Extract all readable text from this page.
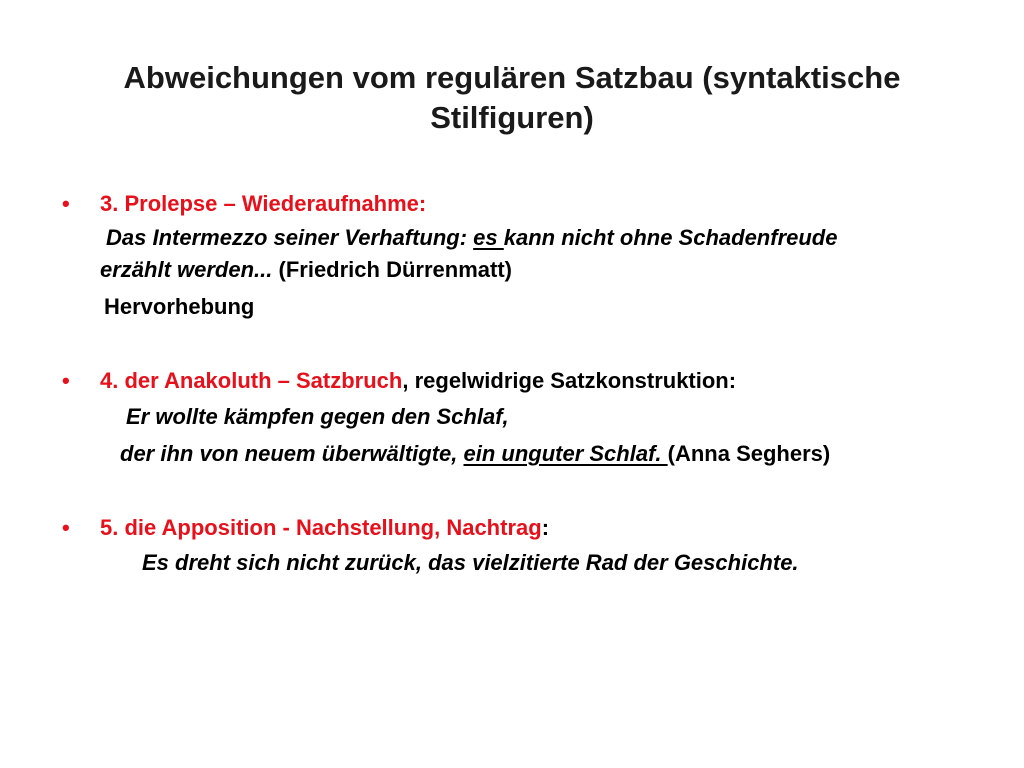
Abweichungen vom regulären Satzbau (syntaktische
Stilfiguren)
• 3. Prolepse – Wiederaufnahme:
Das Intermezzo seiner Verhaftung: es kann nicht ohne Schadenfreude
erzählt werden... (Friedrich Dürrenmatt)
Hervorhebung
• 4. der Anakoluth – Satzbruch, regelwidrige Satzkonstruktion:
Er wollte kämpfen gegen den Schlaf,
der ihn von neuem überwältigte, ein unguter Schlaf. (Anna Seghers)
• 5. die Apposition - Nachstellung, Nachtrag:
Es dreht sich nicht zurück, das vielzitierte Rad der Geschichte.
